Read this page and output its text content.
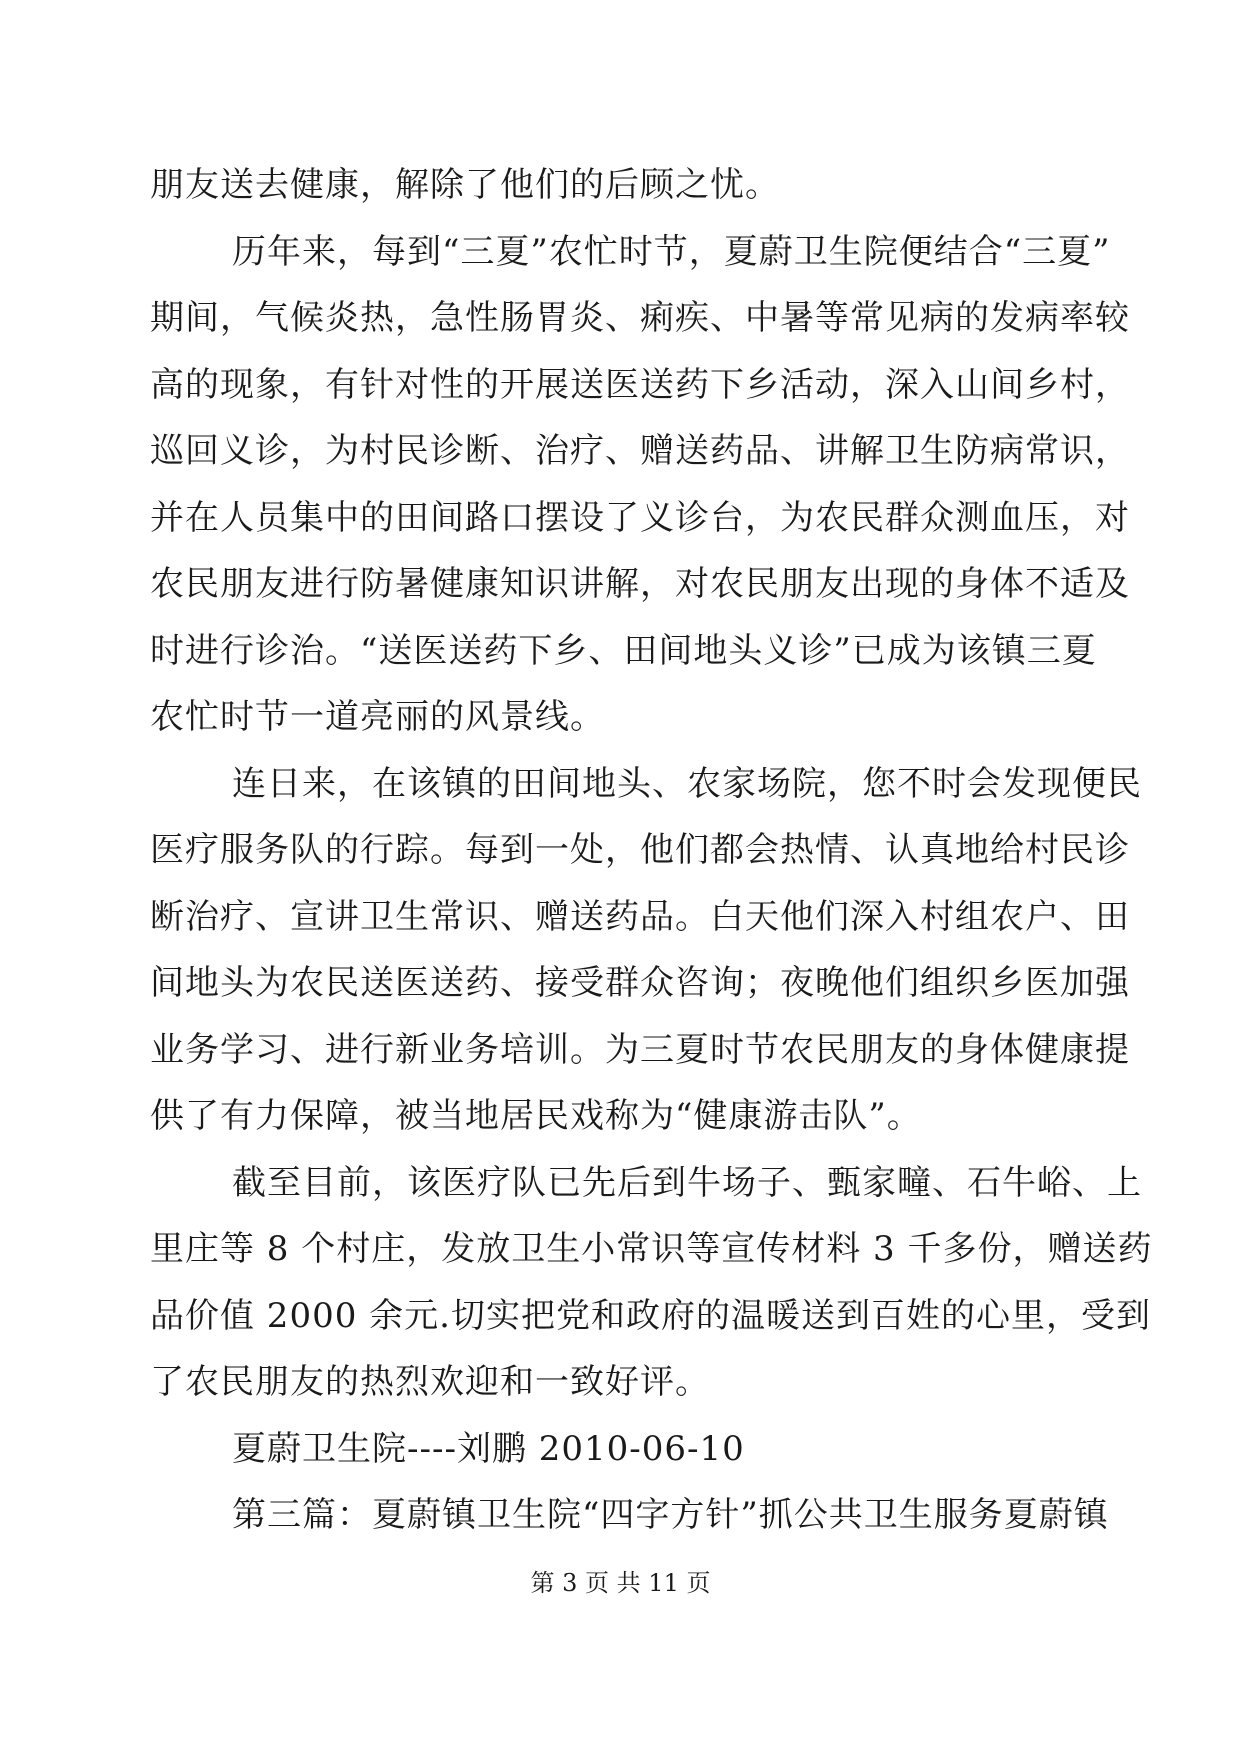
朋友送去健康，解除了他们的后顾之忧。
历年来，每到“三夏”农忙时节，夏蔚卫生院便结合“三夏”
期间，气候炎热，急性肠胃炎、痢疾、中暑等常见病的发病率较
高的现象，有针对性的开展送医送药下乡活动，深入山间乡村，
巡回义诊，为村民诊断、治疗、赠送药品、讲解卫生防病常识，
并在人员集中的田间路口摆设了义诊台，为农民群众测血压，对
农民朋友进行防暑健康知识讲解，对农民朋友出现的身体不适及
时进行诊治。“送医送药下乡、田间地头义诊”已成为该镇三夏
农忙时节一道亮丽的风景线。
连日来，在该镇的田间地头、农家场院，您不时会发现便民
医疗服务队的行踪。每到一处，他们都会热情、认真地给村民诊
断治疗、宣讲卫生常识、赠送药品。白天他们深入村组农户、田
间地头为农民送医送药、接受群众咨询；夜晚他们组织乡医加强
业务学习、进行新业务培训。为三夏时节农民朋友的身体健康提
供了有力保障，被当地居民戏称为“健康游击队”。
截至目前，该医疗队已先后到牛场子、甄家疃、石牛峪、上
里庄等 8 个村庄，发放卫生小常识等宣传材料 3 千多份，赠送药
品价值 2000 余元.切实把党和政府的温暖送到百姓的心里，受到
了农民朋友的热烈欢迎和一致好评。
夏蔚卫生院----刘鹏 2010-06-10
第三篇：夏蔚镇卫生院“四字方针”抓公共卫生服务夏蔚镇
第 3 页 共 11 页
